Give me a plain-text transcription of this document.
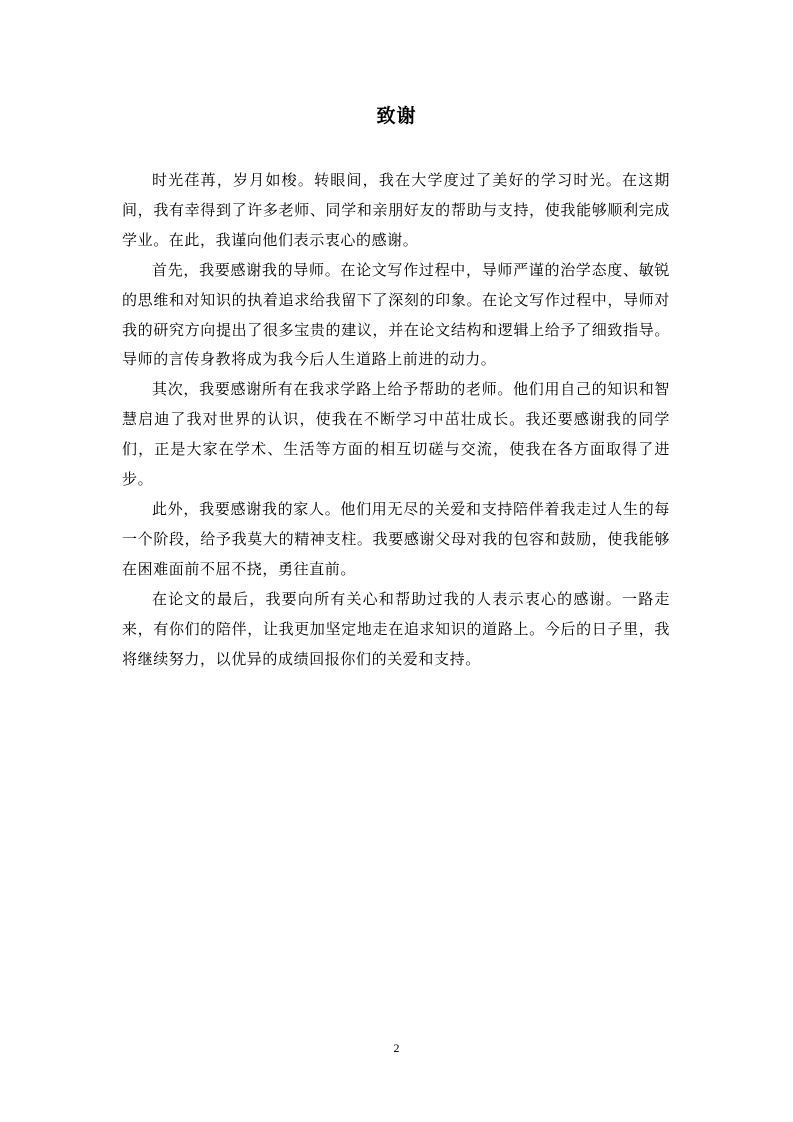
致谢

时光荏苒，岁月如梭。转眼间，我在大学度过了美好的学习时光。在这期间，我有幸得到了许多老师、同学和亲朋好友的帮助与支持，使我能够顺利完成学业。在此，我谨向他们表示衷心的感谢。

首先，我要感谢我的导师。在论文写作过程中，导师严谨的治学态度、敏锐的思维和对知识的执着追求给我留下了深刻的印象。在论文写作过程中，导师对我的研究方向提出了很多宝贵的建议，并在论文结构和逻辑上给予了细致指导。导师的言传身教将成为我今后人生道路上前进的动力。

其次，我要感谢所有在我求学路上给予帮助的老师。他们用自己的知识和智慧启迪了我对世界的认识，使我在不断学习中茁壮成长。我还要感谢我的同学们，正是大家在学术、生活等方面的相互切磋与交流，使我在各方面取得了进步。

此外，我要感谢我的家人。他们用无尽的关爱和支持陪伴着我走过人生的每一个阶段，给予我莫大的精神支柱。我要感谢父母对我的包容和鼓励，使我能够在困难面前不屈不挠，勇往直前。

在论文的最后，我要向所有关心和帮助过我的人表示衷心的感谢。一路走来，有你们的陪伴，让我更加坚定地走在追求知识的道路上。今后的日子里，我将继续努力，以优异的成绩回报你们的关爱和支持。

2
